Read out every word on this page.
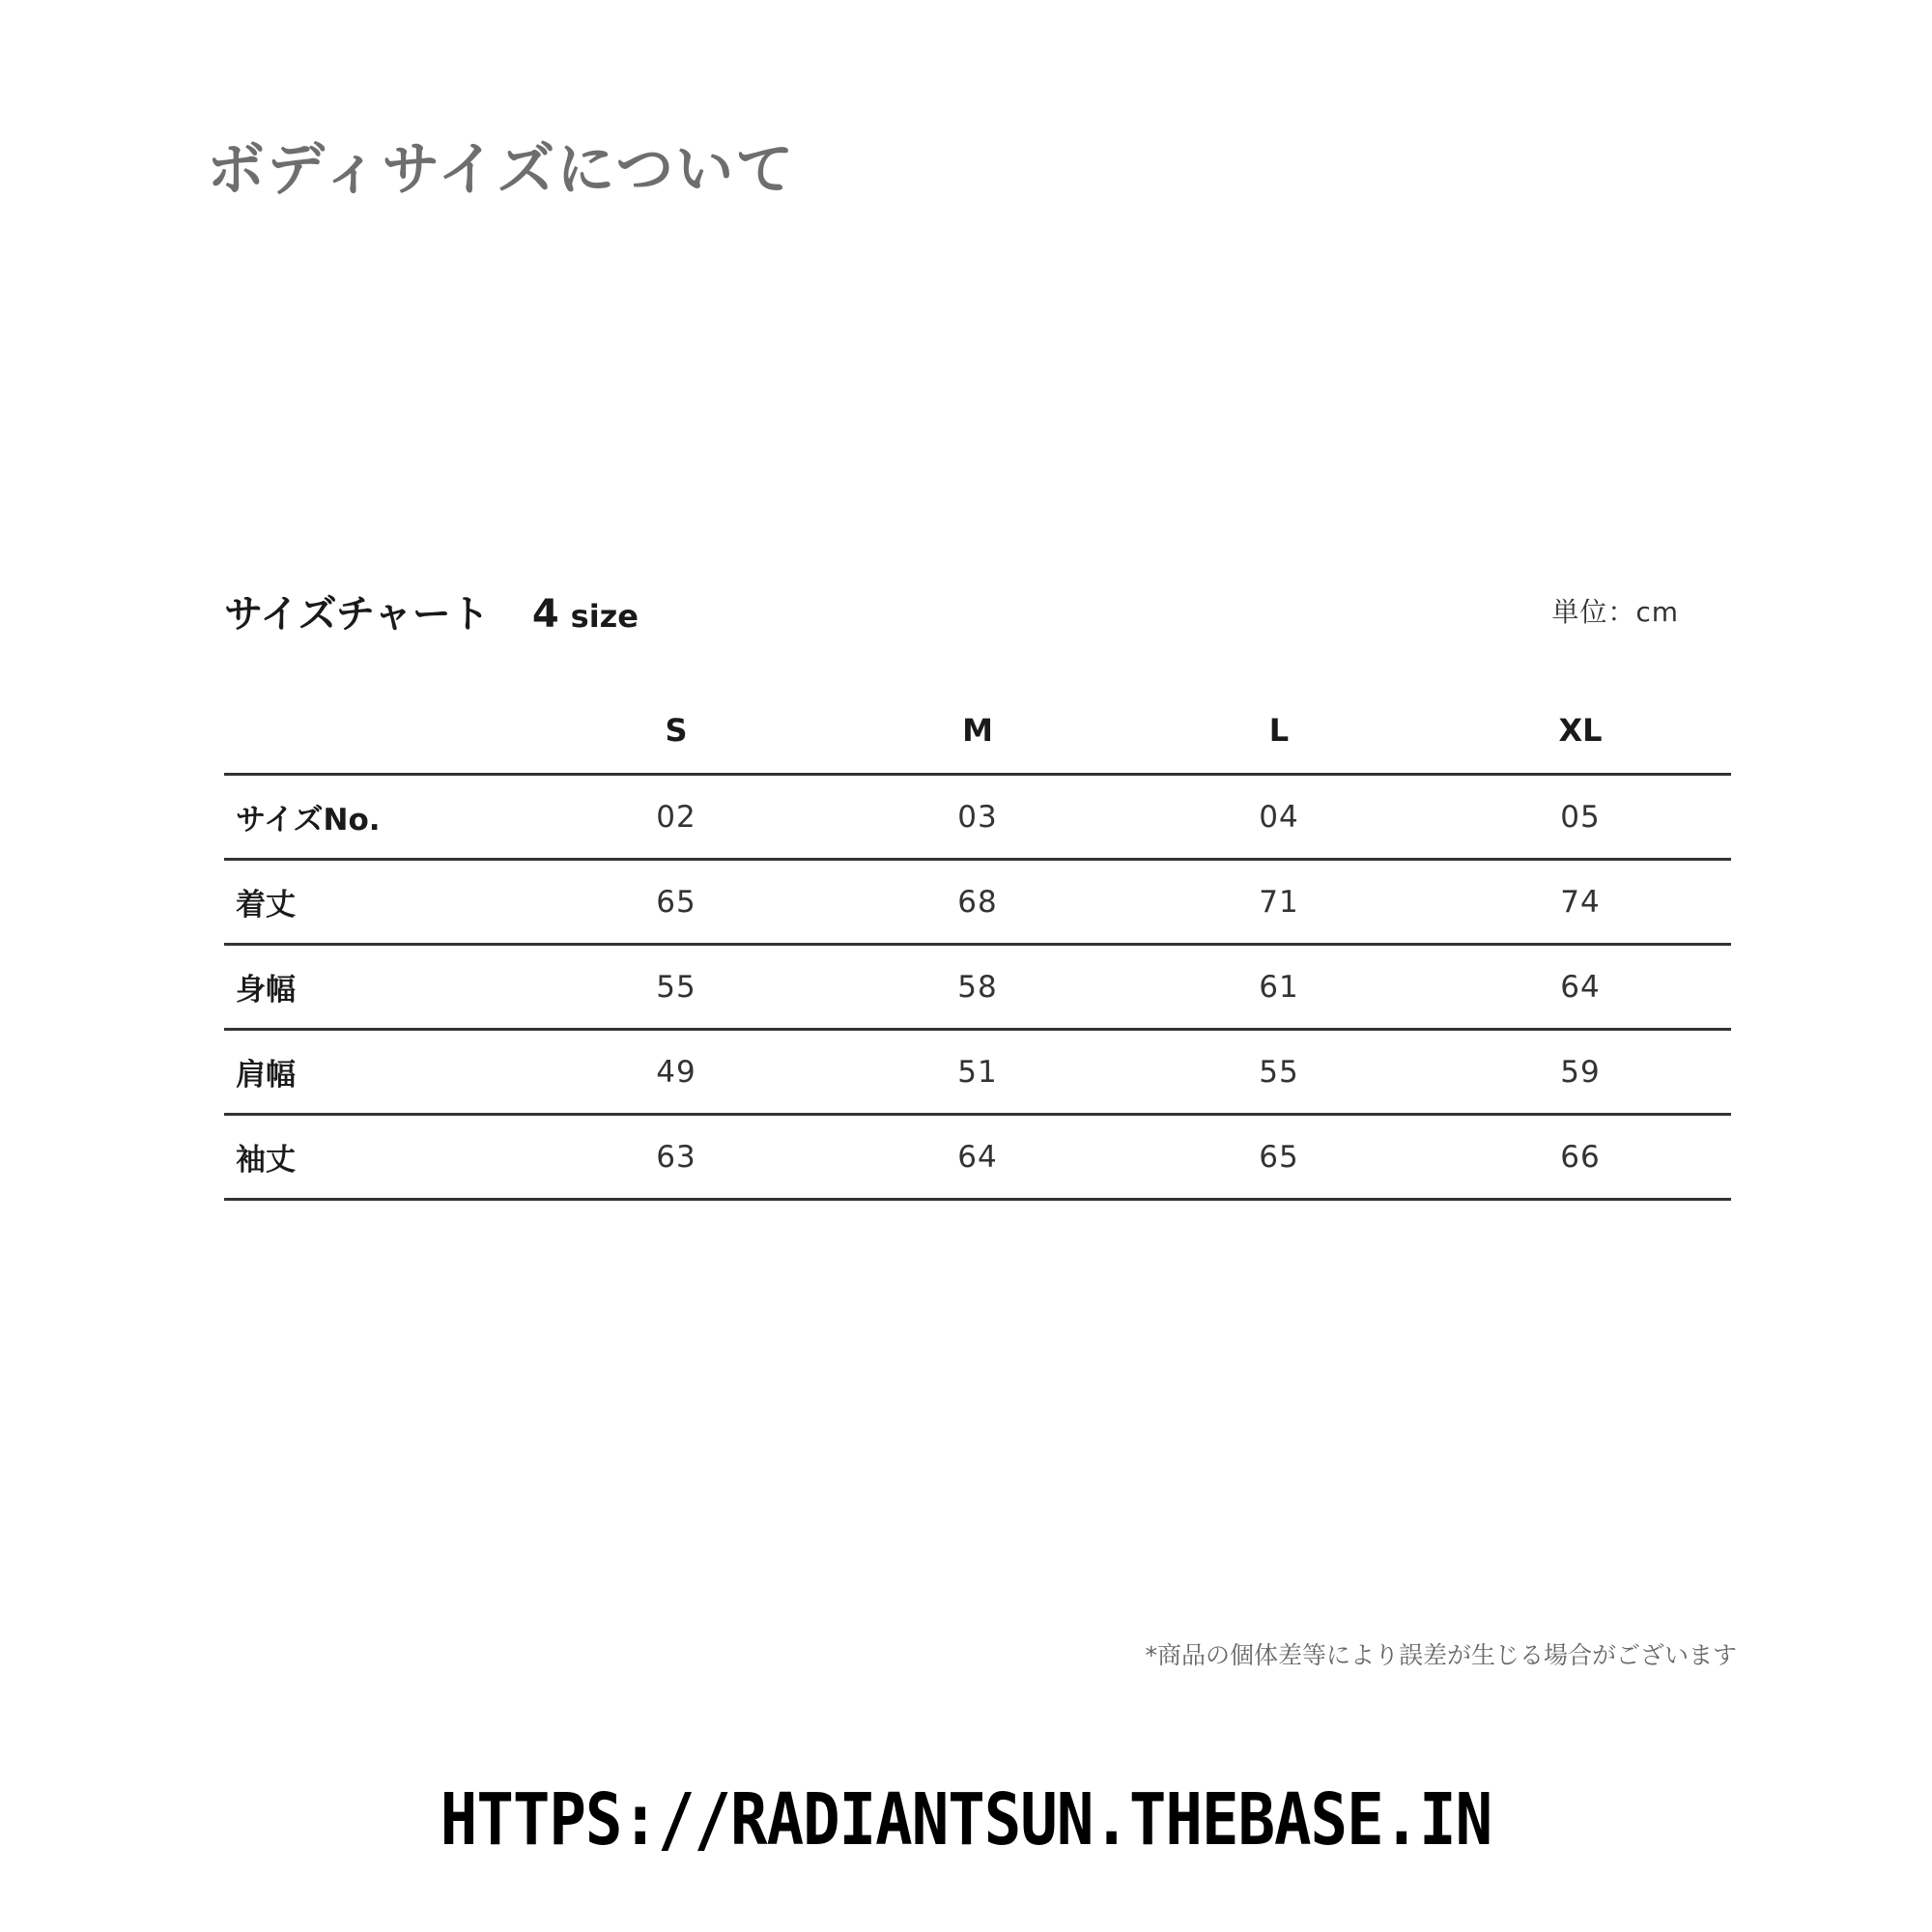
ボディサイズについて
サイズチャート 4 size	単位：cm
	S	M	L	XL
サイズNo.	02	03	04	05
着丈	65	68	71	74
身幅	55	58	61	64
肩幅	49	51	55	59
袖丈	63	64	65	66
*商品の個体差等により誤差が生じる場合がございます
HTTPS://RADIANTSUN.THEBASE.IN
